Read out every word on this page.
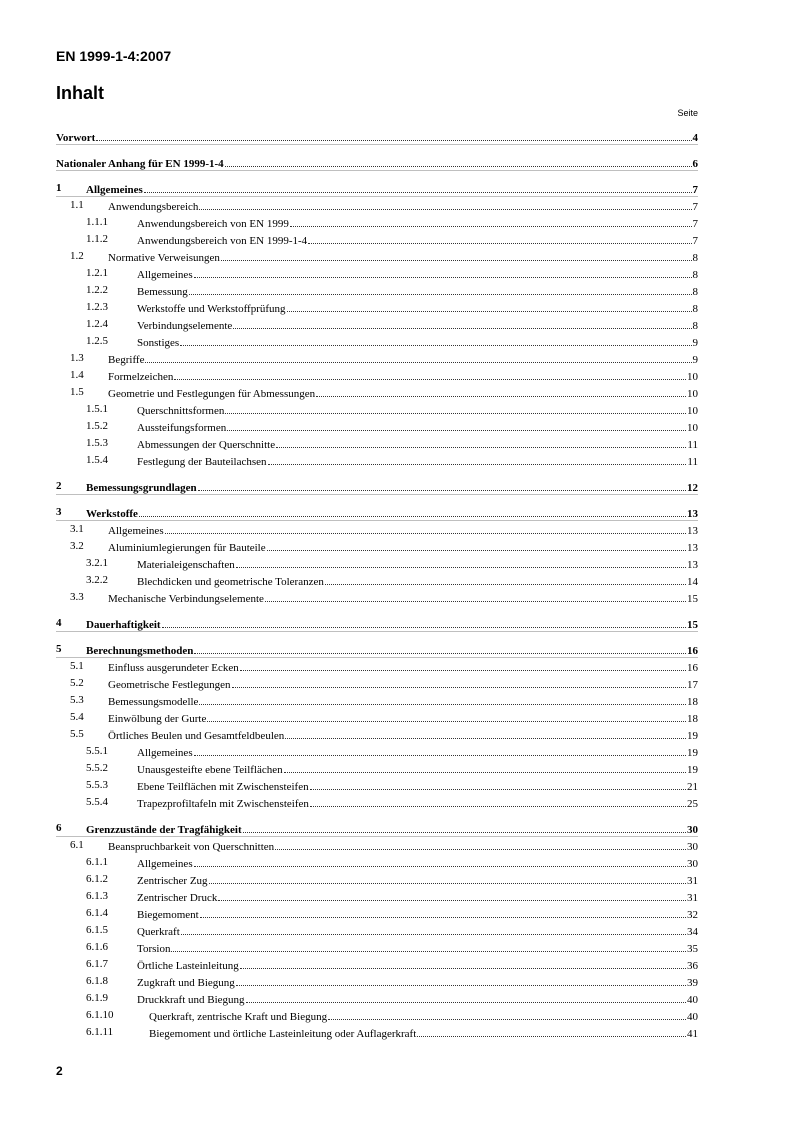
EN 1999-1-4:2007
Inhalt
Seite
Vorwort	4
Nationaler Anhang für EN 1999-1-4	6
1 Allgemeines	7
1.1 Anwendungsbereich	7
1.1.1	Anwendungsbereich von EN 1999	7
1.1.2	Anwendungsbereich von EN 1999-1-4	7
1.2 Normative Verweisungen	8
1.2.1	Allgemeines	8
1.2.2	Bemessung	8
1.2.3	Werkstoffe und Werkstoffprüfung	8
1.2.4	Verbindungselemente	8
1.2.5	Sonstiges	9
1.3 Begriffe	9
1.4 Formelzeichen	10
1.5 Geometrie und Festlegungen für Abmessungen	10
1.5.1	Querschnittsformen	10
1.5.2	Aussteifungsformen	10
1.5.3	Abmessungen der Querschnitte	11
1.5.4	Festlegung der Bauteilachsen	11
2 Bemessungsgrundlagen	12
3 Werkstoffe	13
3.1 Allgemeines	13
3.2 Aluminiumlegierungen für Bauteile	13
3.2.1	Materialeigenschaften	13
3.2.2	Blechdicken und geometrische Toleranzen	14
3.3 Mechanische Verbindungselemente	15
4 Dauerhaftigkeit	15
5 Berechnungsmethoden	16
5.1 Einfluss ausgerundeter Ecken	16
5.2 Geometrische Festlegungen	17
5.3 Bemessungsmodelle	18
5.4 Einwölbung der Gurte	18
5.5 Örtliches Beulen und Gesamtfeldbeulen	19
5.5.1	Allgemeines	19
5.5.2	Unausgesteifte ebene Teilflächen	19
5.5.3	Ebene Teilflächen mit Zwischensteifen	21
5.5.4	Trapezprofiltafeln mit Zwischensteifen	25
6 Grenzzustände der Tragfähigkeit	30
6.1 Beanspruchbarkeit von Querschnitten	30
6.1.1	Allgemeines	30
6.1.2	Zentrischer Zug	31
6.1.3	Zentrischer Druck	31
6.1.4	Biegemoment	32
6.1.5	Querkraft	34
6.1.6	Torsion	35
6.1.7	Örtliche Lasteinleitung	36
6.1.8	Zugkraft und Biegung	39
6.1.9	Druckkraft und Biegung	40
6.1.10	Querkraft, zentrische Kraft und Biegung	40
6.1.11	Biegemoment und örtliche Lasteinleitung oder Auflagerkraft	41
2
